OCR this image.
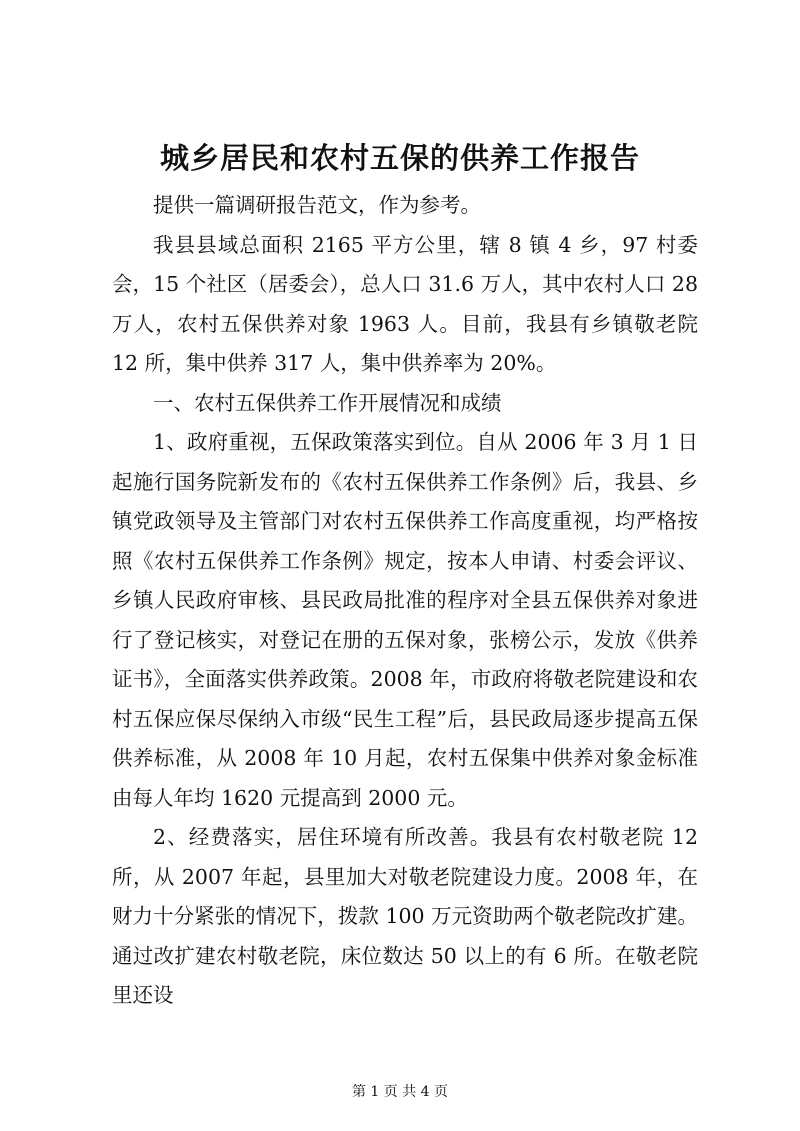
城乡居民和农村五保的供养工作报告

提供一篇调研报告范文，作为参考。

我县县域总面积 2165 平方公里，辖 8 镇 4 乡，97 村委会，15 个社区（居委会），总人口 31.6 万人，其中农村人口 28 万人，农村五保供养对象 1963 人。目前，我县有乡镇敬老院 12 所，集中供养 317 人，集中供养率为 20%。

一、农村五保供养工作开展情况和成绩

1、政府重视，五保政策落实到位。自从 2006 年 3 月 1 日起施行国务院新发布的《农村五保供养工作条例》后，我县、乡镇党政领导及主管部门对农村五保供养工作高度重视，均严格按照《农村五保供养工作条例》规定，按本人申请、村委会评议、乡镇人民政府审核、县民政局批准的程序对全县五保供养对象进行了登记核实，对登记在册的五保对象，张榜公示，发放《供养证书》，全面落实供养政策。2008 年，市政府将敬老院建设和农村五保应保尽保纳入市级“民生工程”后，县民政局逐步提高五保供养标准，从 2008 年 10 月起，农村五保集中供养对象金标准由每人年均 1620 元提高到 2000 元。

2、经费落实，居住环境有所改善。我县有农村敬老院 12 所，从 2007 年起，县里加大对敬老院建设力度。2008 年，在财力十分紧张的情况下，拨款 100 万元资助两个敬老院改扩建。通过改扩建农村敬老院，床位数达 50 以上的有 6 所。在敬老院里还设

第 1 页 共 4 页
